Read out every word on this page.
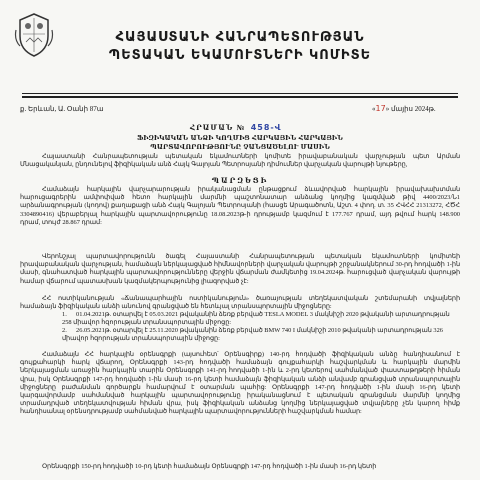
ՀԱՅԱՍՏԱՆԻ ՀԱՆՐԱՊԵՏՈՒԹՅԱՆ
ՊԵՏԱԿԱՆ ԵԿԱՄՈՒՏՆԵՐԻ ԿՈՄԻՏԵ
ք. Երևան, Ա. Օանի 87ա	«17» մայիս 2024թ.
ՀՐԱՄԱՆ № 458-Վ
ՖԻԶԻԿԱԿԱՆ ԱՆՁԻ ԿՈՂՄԻՑ ՀԱՐԿԱՅԻՆ ՀԱՐԿԱՅԻՆ
ՊԱՐՏԱՎՈՐՈՒԹՅՈՒՆԸ ՉԱՆՑԱԾԵԼՈՒ ՄԱՍԻՆ
Հայաստանի Հանրապետության պետական եկամուտների կոմիտե իրավաբանական վարչության պետ Արման Մնացականյան, ընդունելով ֆիզիկական անձ Հայկ Գալոյան Պետրոսյանի դիմումներ վարչական վարույթի նյութերը,
ՊԱՐԶԵՑԻ
Համաձայն հարկային վարչարարության իրականացման ընթացքում ձևավորված հարկային իրավախախտման հարուցագրերին ամփոփված հետո հարկային մարմնի պաշտոնատար անձանց կողմից կազմված թիվ 4400/2023/Ն1 արձանագրության (կոդով) քաղաքացի անձ Հայկ Գալոյան Պետրոսյանի (հասցե Արագածոտն, Աշտ. 4 փող. տ. 35 ՀՎՀՀ 21313272, ՀԾՀ 3304890416) վերաբերյալ հարկային պարտավորությունը 18.08.2023թ-ի դրությամբ կազմում է 177.767 դրամ, այդ թվում հարկ 148.900 դրամ, տույժ 28.867 դրամ:
Վերոնշյալ պարտավորությունն ծագել Հայաստանի Հանրապետության պետական եկամուտների կոմիտեի իրավաբանական վարչության, համաձայն ներկայացված հիմնավորների վարչական վարույթի շրջանակներում 30-րդ հոդվածի 1-ին մասի, գնահատված հարկային պարտավորությունները վերջին վճարման ժամկետից 19.04.2024թ. հարուցված վարչական վարույթի համար վճարում պատասխան կազմակերպությունից լիազորված չէ:
ՀՀ ոստիկանության «Ճանապարհային ոստիկանություն» ծառայության տեղեկատվական շտեմարանի տվյալների համաձայն ֆիզիկական անձի անունով գրանցված են հետևյալ տրանսպորտային միջոցները:
1. 01.04.2021թ. օտարվել է 05.03.2021 թվականին ձեռք բերված TESLA MODEL 3 մակնիշի 2020 թվականի արտադրության 258 միավոր հզորության տրանսպորտային միջոցը:
2. 26.05.2021թ. օտարվել է 25.11.2020 թվականին ձեռք բերված BMW 740 I մակնիշի 2010 թվականի արտադրության 326 միավոր հզորության տրանսպորտային միջոցը:
Համաձայն ՀՀ հարկային օրենսգրքի (այսուհետ՝ Օրենսգիրք) 140-րդ հոդվածի ֆիզիկական անձը հանդիսանում է գույքահարկի հարկ վճարող, Օրենսգրքի 143-րդ հոդվածի համաձայն գույքահարկի հաշվարկման և հարկային մարմին ներկայացման առաջին հարկային տարին Օրենսգրքի 141-րդ հոդվածի 1-ին և 2-րդ կետերով սահմանված փաստաթղթերի հիման վրա, իսկ Օրենսգրքի 147-րդ հոդվածի 1-ին մասի 16-րդ կետի համաձայն ֆիզիկական անձի անվամբ գրանցված տրանսպորտային միջոցները բաժանման գործարքն համարվում է օտարման պահից: Օրենսգրքի 147-րդ հոդվածի 1-ին մասի 16-րդ կետի կարգավորմամբ սահմանված հարկային պարտավորությունը իրականացնում է պետական գրանցման մարմնի կողմից տրամադրված տեղեկատվության հիման վրա, իսկ ֆիզիկական անձանց կողմից ներկայացված տվյալները չեն կարող հիմք հանդիսանալ օրենսդրությամբ սահմանված հարկային պարտավորությունների հաշվարկման համար:
Օրենսգրքի 150-րդ հոդվածի 10-րդ կետի համաձայն Օրենսգրքի 147-րդ հոդվածի 1-ին մասի 16-րդ կետի
